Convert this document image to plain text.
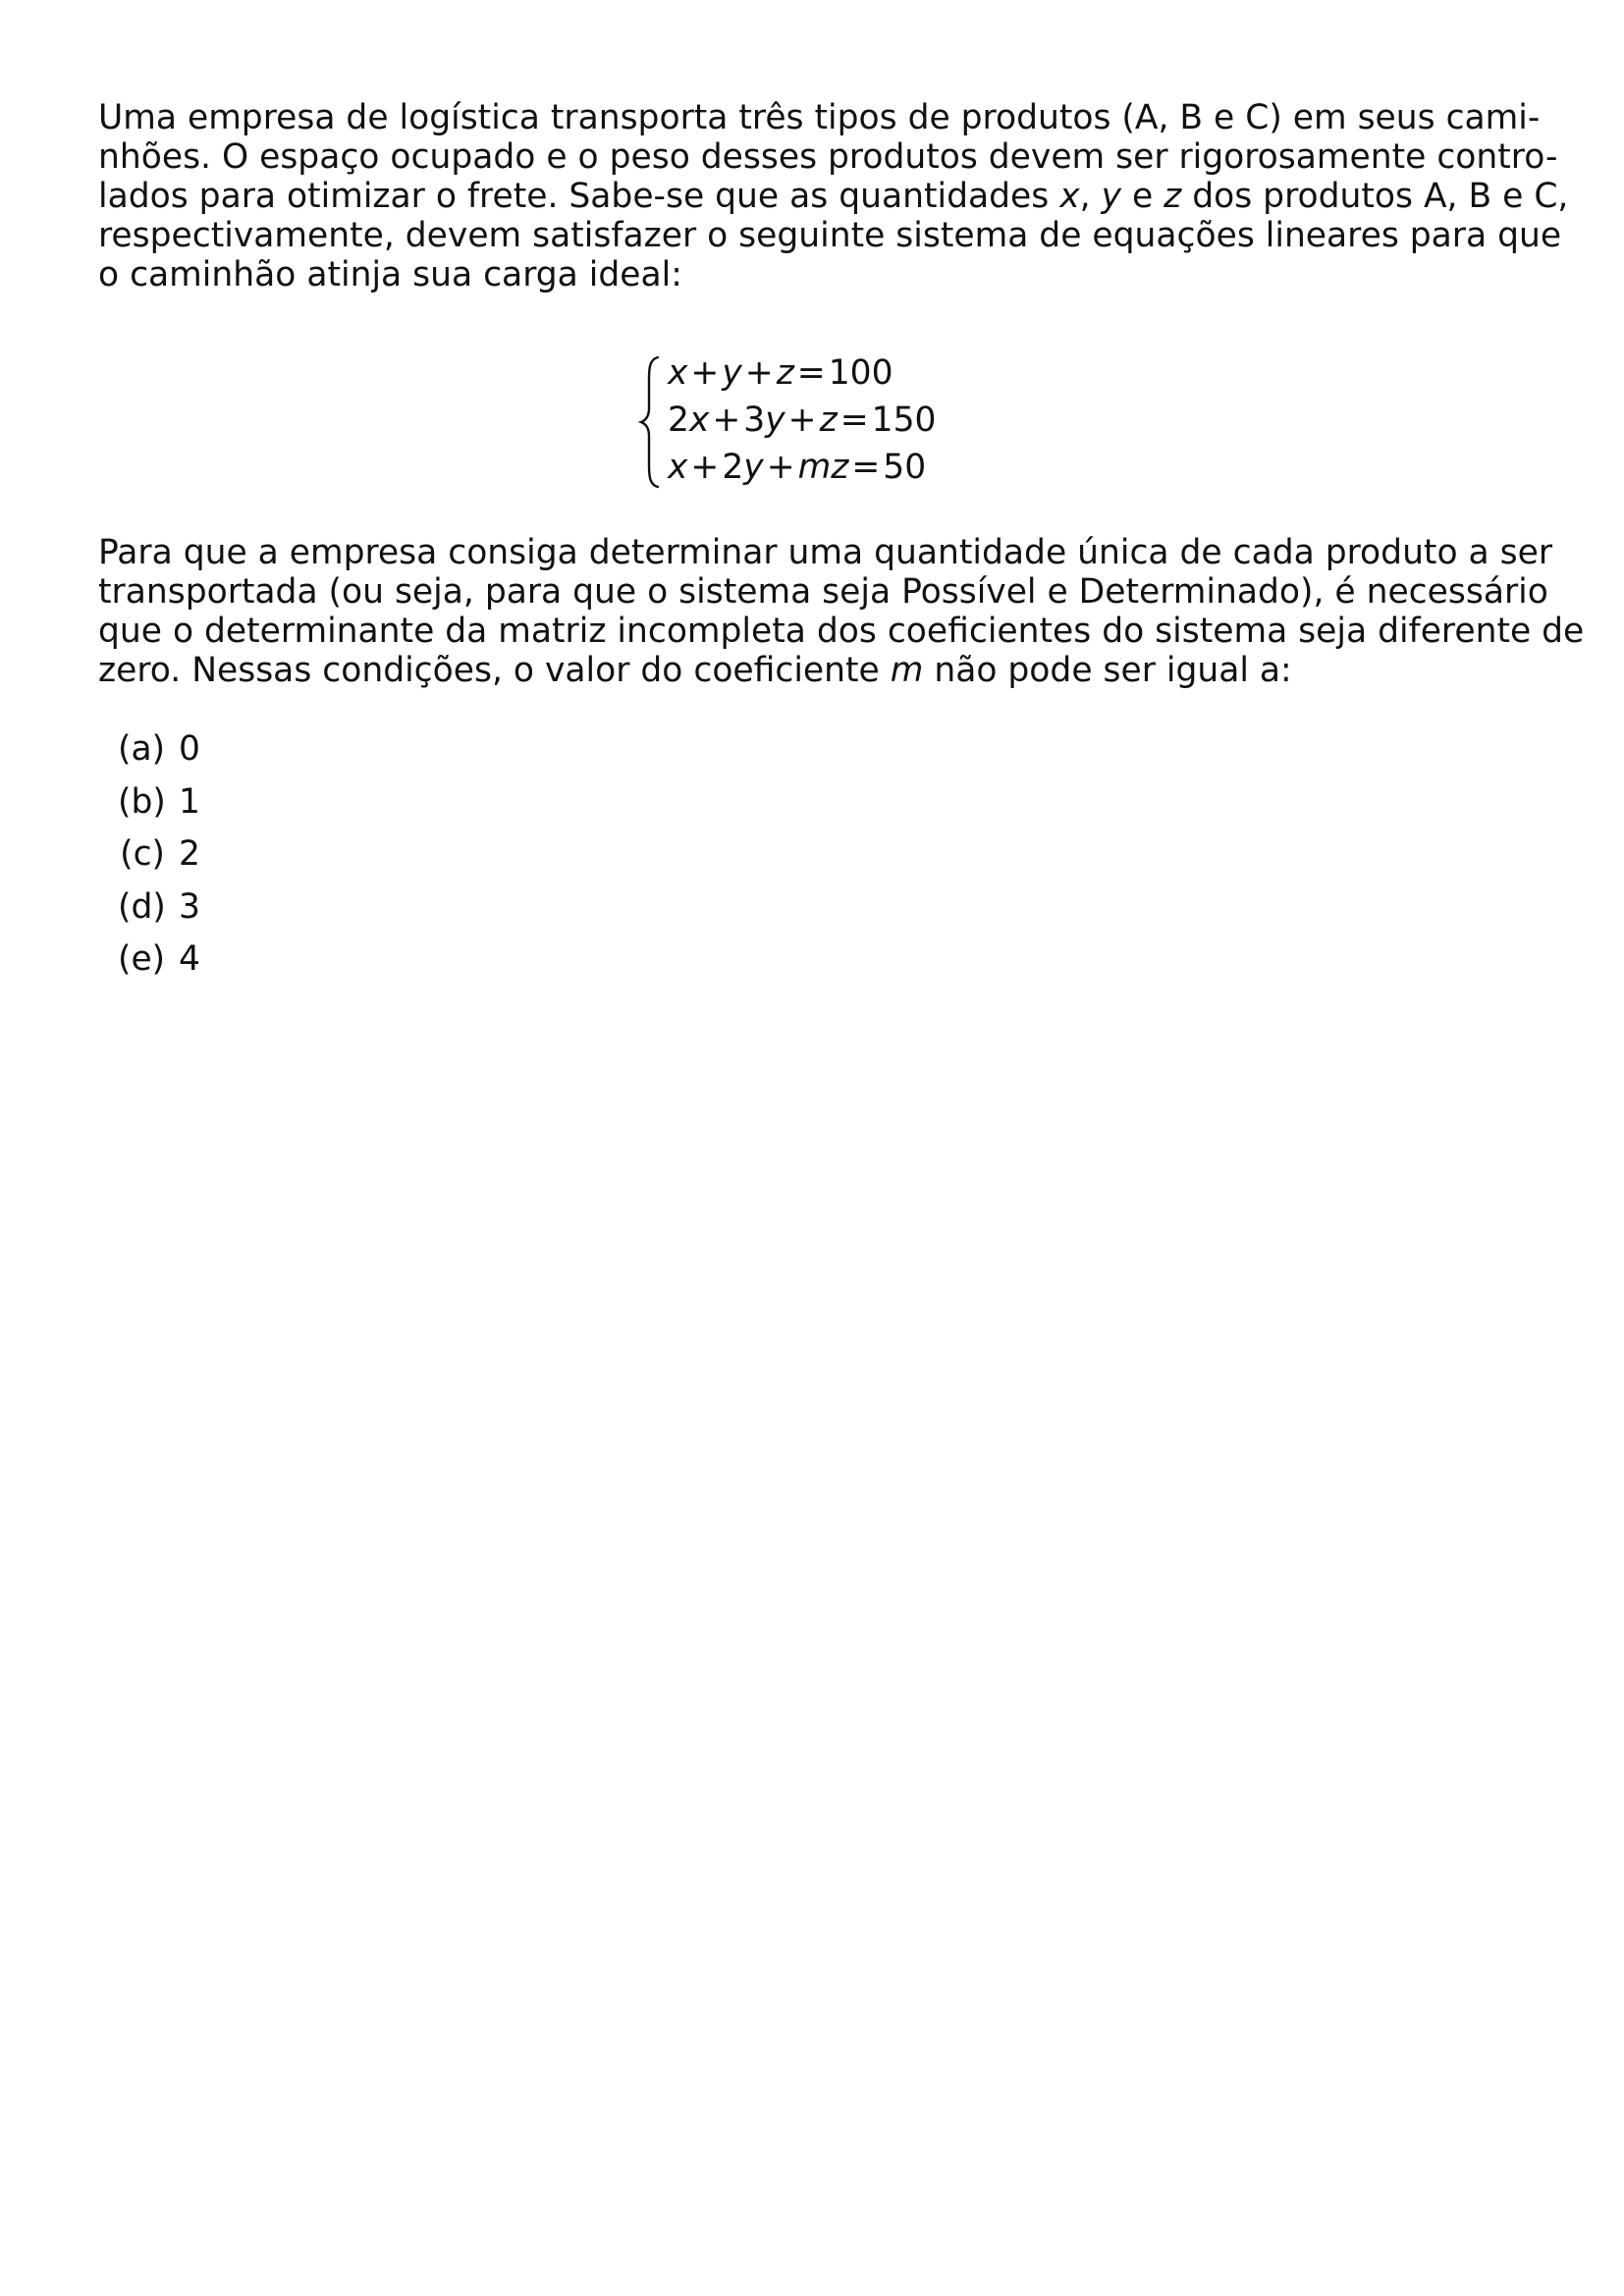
Uma empresa de logística transporta três tipos de produtos (A, B e C) em seus cami-
nhões. O espaço ocupado e o peso desses produtos devem ser rigorosamente contro-
lados para otimizar o frete. Sabe-se que as quantidades x, y e z dos produtos A, B e C,
respectivamente, devem satisfazer o seguinte sistema de equações lineares para que
o caminhão atinja sua carga ideal:
x+y+z=100
2x+3y+z=150
x+2y+mz=50
Para que a empresa consiga determinar uma quantidade única de cada produto a ser
transportada (ou seja, para que o sistema seja Possível e Determinado), é necessário
que o determinante da matriz incompleta dos coeficientes do sistema seja diferente de
zero. Nessas condições, o valor do coeficiente m não pode ser igual a:
(a) 0
(b) 1
(c) 2
(d) 3
(e) 4
